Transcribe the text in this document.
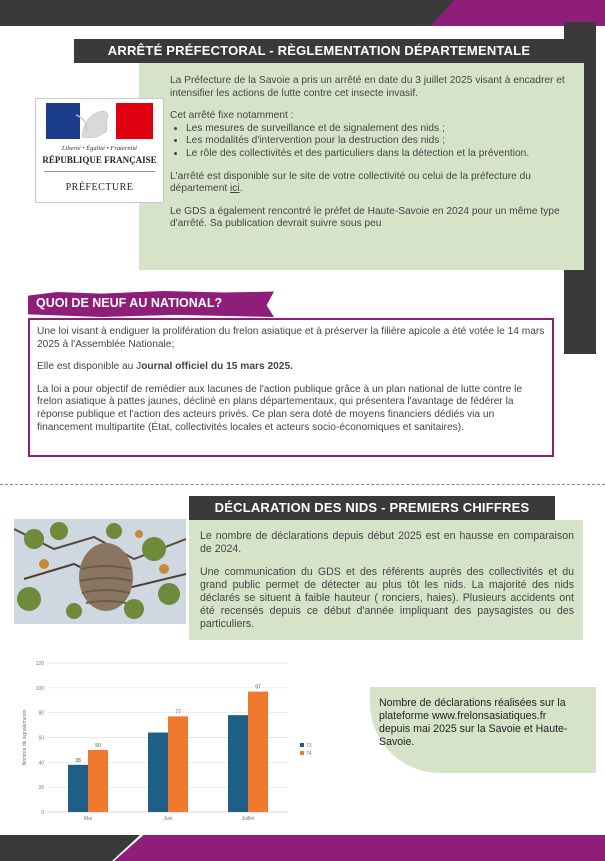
ARRÊTÉ PRÉFECTORAL - RÈGLEMENTATION DÉPARTEMENTALE
Liberté • Égalité • Fraternité
RÉPUBLIQUE FRANÇAISE
PRÉFECTURE

La Préfecture de la Savoie a pris un arrêté en date du 3 juillet 2025 visant à encadrer et intensifier les actions de lutte contre cet insecte invasif.

Cet arrêté fixe notamment :

• Les mesures de surveillance et de signalement des nids ;
• Les modalités d'intervention pour la destruction des nids ;
• Le rôle des collectivités et des particuliers dans la détection et la prévention.

L'arrêté est disponible sur le site de votre collectivité ou celui de la préfecture du département ici.

Le GDS a également rencontré le préfet de Haute-Savoie en 2024 pour un même type d'arrêté. Sa publication devrait suivre sous peu

QUOI DE NEUF AU NATIONAL?

Une loi visant à endiguer la prolifération du frelon asiatique et à préserver la filière apicole a été votée le 14 mars 2025 à l'Assemblée Nationale;

Elle est disponible au Journal officiel du 15 mars 2025.

La loi a pour objectif de remédier aux lacunes de l'action publique grâce à un plan national de lutte contre le frelon asiatique à pattes jaunes, décliné en plans départementaux, qui présentera l'avantage de fédérer la réponse publique et l'action des acteurs privés. Ce plan sera doté de moyens financiers dédiés via un financement multipartite (État, collectivités locales et acteurs socio-économiques et sanitaires).

DÉCLARATION DES NIDS - PREMIERS CHIFFRES

Le nombre de déclarations depuis début 2025 est en hausse en comparaison de 2024.

Une communication du GDS et des référents auprès des collectivités et du grand public permet de détecter au plus tôt les nids. La majorité des nids déclarés se situent à faible hauteur ( ronciers, haies). Plusieurs accidents ont été recensés depuis ce début d'année impliquant des paysagistes ou des particuliers.

0
20
40
60
80
100
120
Nombre de signalements	38
50
Mai
77
Juin
97
Juillet
73
74
Nombre de déclarations réalisées sur la plateforme www.frelonsasiatiques.fr depuis mai 2025 sur la Savoie et Haute-Savoie.
